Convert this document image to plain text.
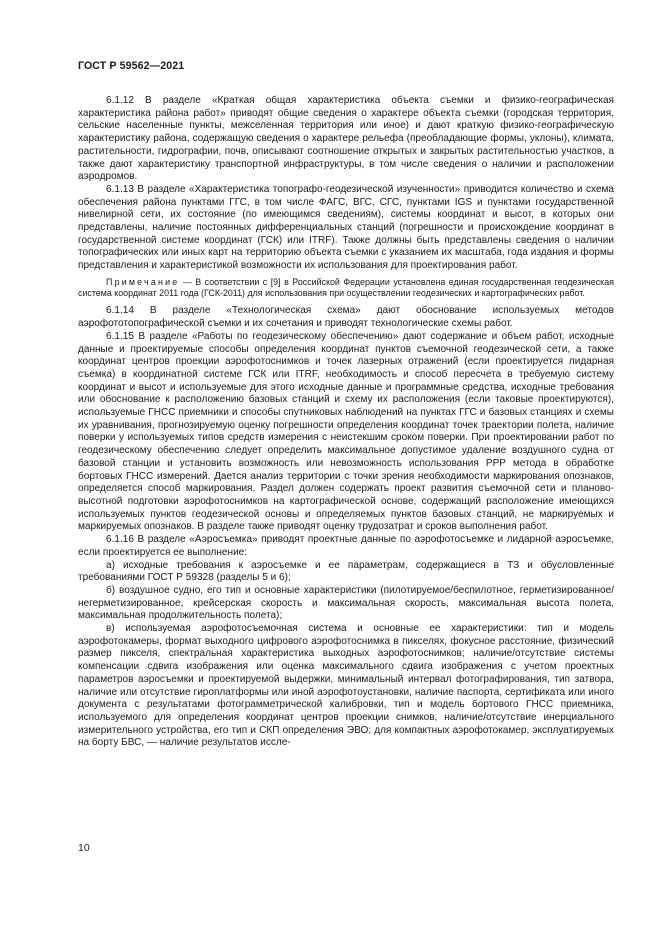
ГОСТ Р 59562—2021

6.1.12 В разделе «Краткая общая характеристика объекта съемки и физико-географическая характеристика района работ» приводят общие сведения о характере объекта съемки (городская территория, сельские населенные пункты, межселенная территория или иное) и дают краткую физико-географическую характеристику района, содержащую сведения о характере рельефа (преобладающие формы, уклоны), климата, растительности, гидрографии, почв, описывают соотношение открытых и закрытых растительностью участков, а также дают характеристику транспортной инфраструктуры, в том числе сведения о наличии и расположении аэродромов.

6.1.13 В разделе «Характеристика топографо-геодезической изученности» приводится количество и схема обеспечения района пунктами ГГС, в том числе ФАГС, ВГС, СГС, пунктами IGS и пунктами государственной нивелирной сети, их состояние (по имеющимся сведениям), системы координат и высот, в которых они представлены, наличие постоянных дифференциальных станций (погрешности и происхождение координат в государственной системе координат (ГСК) или ITRF). Также должны быть представлены сведения о наличии топографических или иных карт на территорию объекта съемки с указанием их масштаба, года издания и формы представления и характеристикой возможности их использования для проектирования работ.

Примечание — В соответствии с [9] в Российской Федерации установлена единая государственная геодезическая система координат 2011 года (ГСК-2011) для использования при осуществлении геодезических и картографических работ.

6.1.14 В разделе «Технологическая схема» дают обоснование используемых методов аэрофототопографической съемки и их сочетания и приводят технологические схемы работ.

6.1.15 В разделе «Работы по геодезическому обеспечению» дают содержание и объем работ, исходные данные и проектируемые способы определения координат пунктов съемочной геодезической сети, а также координат центров проекции аэрофотоснимков и точек лазерных отражений (если проектируется лидарная съемка) в координатной системе ГСК или ITRF, необходимость и способ пересчета в требуемую систему координат и высот и используемые для этого исходные данные и программные средства, исходные требования или обоснование к расположению базовых станций и схему их расположения (если таковые проектируются), используемые ГНСС приемники и способы спутниковых наблюдений на пунктах ГГС и базовых станциях и схемы их уравнивания, прогнозируемую оценку погрешности определения координат точек траектории полета, наличие поверки у используемых типов средств измерения с неистекшим сроком поверки. При проектировании работ по геодезическому обеспечению следует определить максимальное допустимое удаление воздушного судна от базовой станции и установить возможность или невозможность использования PPP метода в обработке бортовых ГНСС измерений. Дается анализ территории с точки зрения необходимости маркирования опознаков, определяется способ маркирования. Раздел должен содержать проект развития съемочной сети и планово-высотной подготовки аэрофотоснимков на картографической основе, содержащий расположение имеющихся используемых пунктов геодезической основы и определяемых пунктов базовых станций, не маркируемых и маркируемых опознаков. В разделе также приводят оценку трудозатрат и сроков выполнения работ.

6.1.16 В разделе «Аэросъемка» приводят проектные данные по аэрофотосъемке и лидарной аэросъемке, если проектируется ее выполнение:

а) исходные требования к аэросъемке и ее параметрам, содержащиеся в ТЗ и обусловленные требованиями ГОСТ Р 59328 (разделы 5 и 6);

б) воздушное судно, его тип и основные характеристики (пилотируемое/беспилотное, герметизированное/негерметизированное, крейсерская скорость и максимальная скорость, максимальная высота полета, максимальная продолжительность полета);

в) используемая аэрофотосъемочная система и основные ее характеристики: тип и модель аэрофотокамеры, формат выходного цифрового аэрофотоснимка в пикселях, фокусное расстояние, физический размер пикселя, спектральная характеристика выходных аэрофотоснимков; наличие/отсутствие системы компенсации сдвига изображения или оценка максимального сдвига изображения с учетом проектных параметров аэросъемки и проектируемой выдержки, минимальный интервал фотографирования, тип затвора, наличие или отсутствие гироплатформы или иной аэрофотоустановки, наличие паспорта, сертификата или иного документа с результатами фотограмметрической калибровки, тип и модель бортового ГНСС приемника, используемого для определения координат центров проекции снимков, наличие/отсутствие инерциального измерительного устройства, его тип и СКП определения ЭВО; для компактных аэрофотокамер, эксплуатируемых на борту БВС, — наличие результатов иссле-

10
